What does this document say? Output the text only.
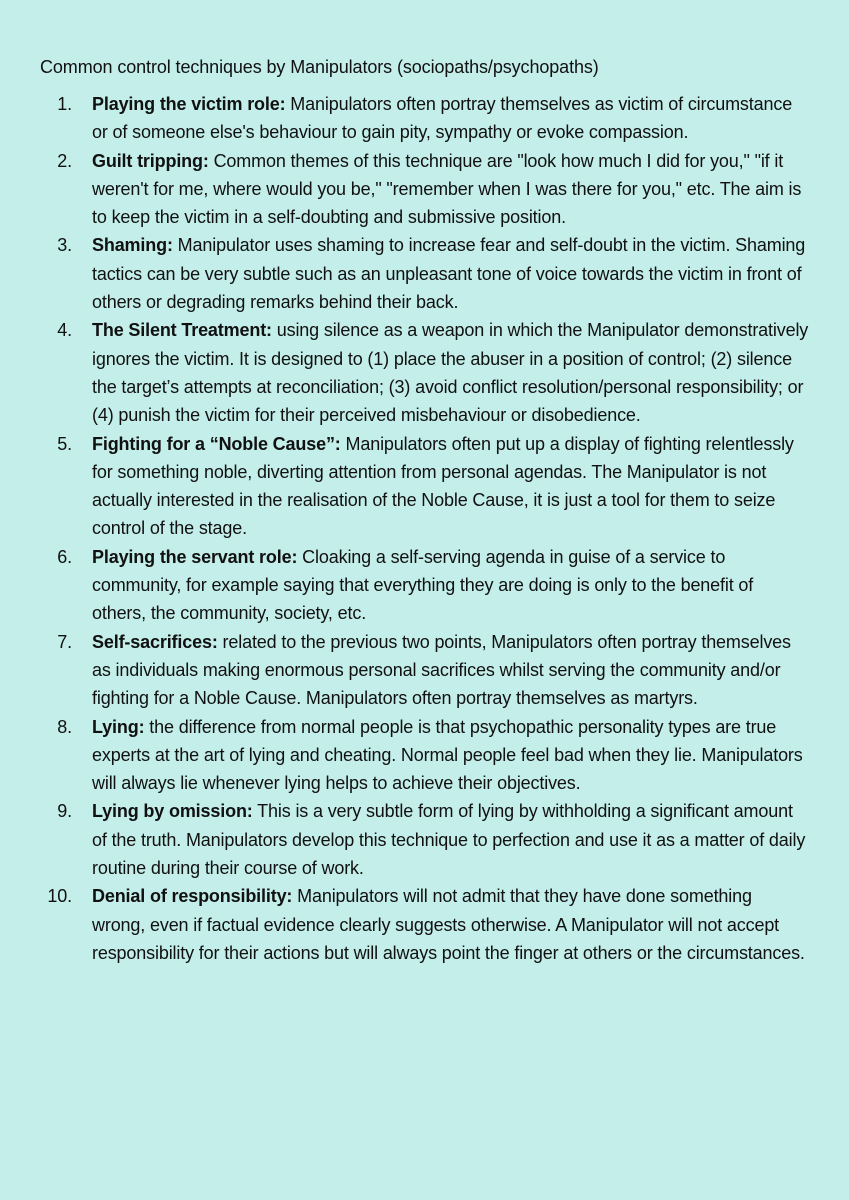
Common control techniques by Manipulators (sociopaths/psychopaths)
1. Playing the victim role: Manipulators often portray themselves as victim of circumstance or of someone else's behaviour to gain pity, sympathy or evoke compassion.
2. Guilt tripping: Common themes of this technique are "look how much I did for you," "if it weren't for me, where would you be," "remember when I was there for you," etc. The aim is to keep the victim in a self-doubting and submissive position.
3. Shaming: Manipulator uses shaming to increase fear and self-doubt in the victim. Shaming tactics can be very subtle such as an unpleasant tone of voice towards the victim in front of others or degrading remarks behind their back.
4. The Silent Treatment: using silence as a weapon in which the Manipulator demonstratively ignores the victim. It is designed to (1) place the abuser in a position of control; (2) silence the target’s attempts at reconciliation; (3) avoid conflict resolution/personal responsibility; or (4) punish the victim for their perceived misbehaviour or disobedience.
5. Fighting for a “Noble Cause”: Manipulators often put up a display of fighting relentlessly for something noble, diverting attention from personal agendas. The Manipulator is not actually interested in the realisation of the Noble Cause, it is just a tool for them to seize control of the stage.
6. Playing the servant role: Cloaking a self-serving agenda in guise of a service to community, for example saying that everything they are doing is only to the benefit of others, the community, society, etc.
7. Self-sacrifices: related to the previous two points, Manipulators often portray themselves as individuals making enormous personal sacrifices whilst serving the community and/or fighting for a Noble Cause. Manipulators often portray themselves as martyrs.
8. Lying: the difference from normal people is that psychopathic personality types are true experts at the art of lying and cheating. Normal people feel bad when they lie. Manipulators will always lie whenever lying helps to achieve their objectives.
9. Lying by omission: This is a very subtle form of lying by withholding a significant amount of the truth. Manipulators develop this technique to perfection and use it as a matter of daily routine during their course of work.
10. Denial of responsibility: Manipulators will not admit that they have done something wrong, even if factual evidence clearly suggests otherwise. A Manipulator will not accept responsibility for their actions but will always point the finger at others or the circumstances.
